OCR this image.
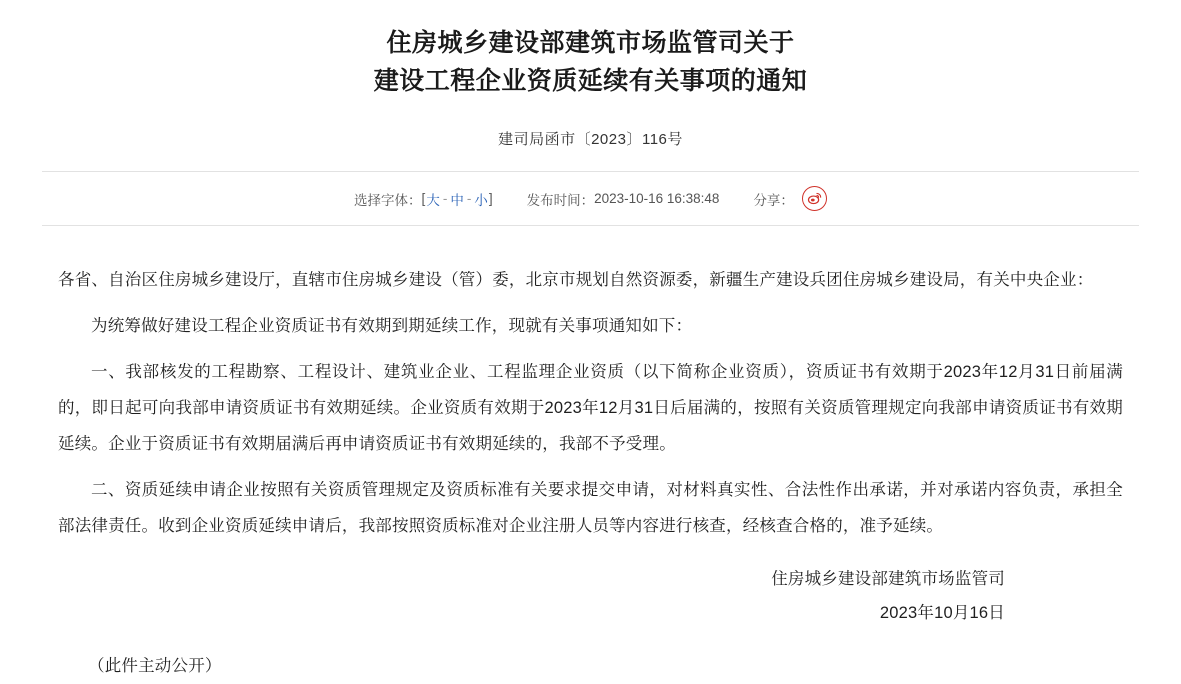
住房城乡建设部建筑市场监管司关于
建设工程企业资质延续有关事项的通知
建司局函市〔2023〕116号
选择字体： [ 大 - 中 - 小 ]	发布时间： 2023-10-16 16:38:48	分享：

各省、自治区住房城乡建设厅，直辖市住房城乡建设（管）委，北京市规划自然资源委，新疆生产建设兵团住房城乡建设局，有关中央企业：

为统筹做好建设工程企业资质证书有效期到期延续工作，现就有关事项通知如下：

一、我部核发的工程勘察、工程设计、建筑业企业、工程监理企业资质（以下简称企业资质），资质证书有效期于2023年12月31日前届满的，即日起可向我部申请资质证书有效期延续。企业资质有效期于2023年12月31日后届满的，按照有关资质管理规定向我部申请资质证书有效期延续。企业于资质证书有效期届满后再申请资质证书有效期延续的，我部不予受理。

二、资质延续申请企业按照有关资质管理规定及资质标准有关要求提交申请，对材料真实性、合法性作出承诺，并对承诺内容负责，承担全部法律责任。收到企业资质延续申请后，我部按照资质标准对企业注册人员等内容进行核查，经核查合格的，准予延续。

住房城乡建设部建筑市场监管司
2023年10月16日
（此件主动公开）
